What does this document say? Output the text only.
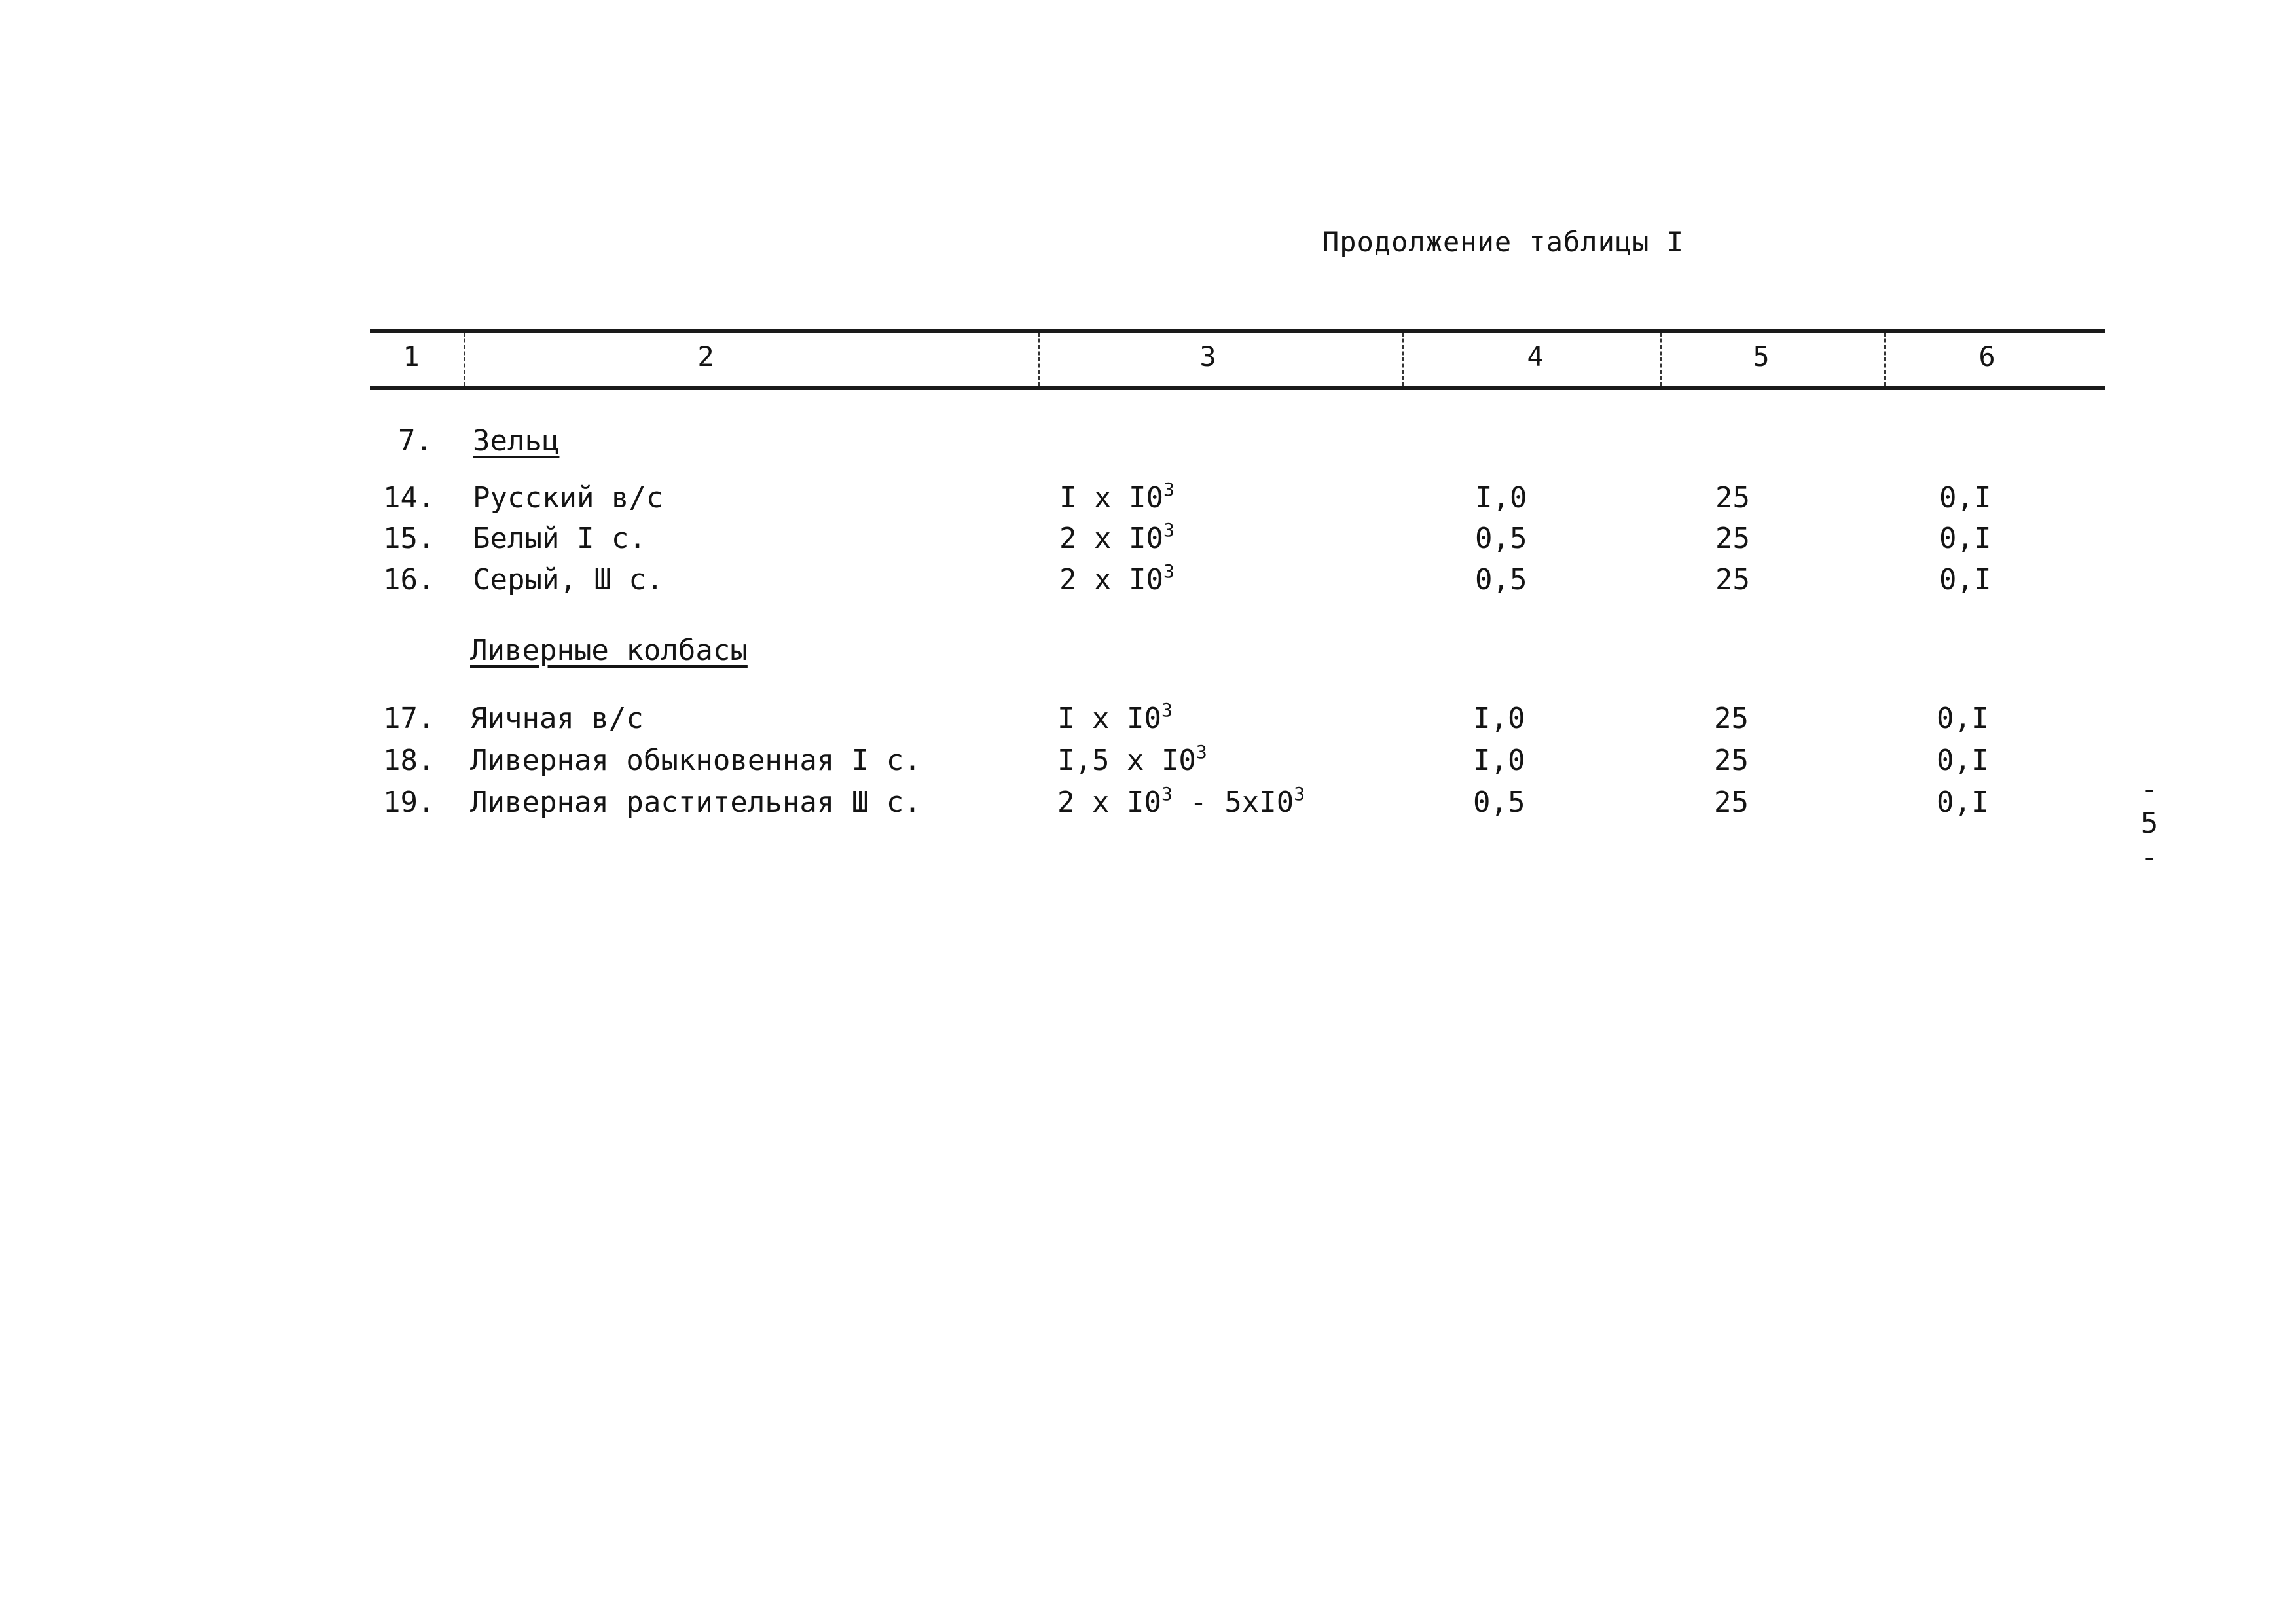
Продолжение таблицы I
1	2	3	4	5	6
7. Зельц
14. Русский в/с	I x $I0^3$	I,0	25	0,I
15. Белый I с.	2 x $I0^3$	0,5	25	0,I
16. Серый, Ш с.	2 x $I0^3$	0,5	25	0,I
Ливерные колбасы
17. Яичная в/с	I x $I0^3$	I,0	25	0,I
18. Ливерная обыкновенная I с.	I,5 x $I0^3$	I,0	25	0,I
19. Ливерная растительная Ш с.	2 x $I0^3 - 5xI0^3$	0,5	25	0,I	-
5
-
